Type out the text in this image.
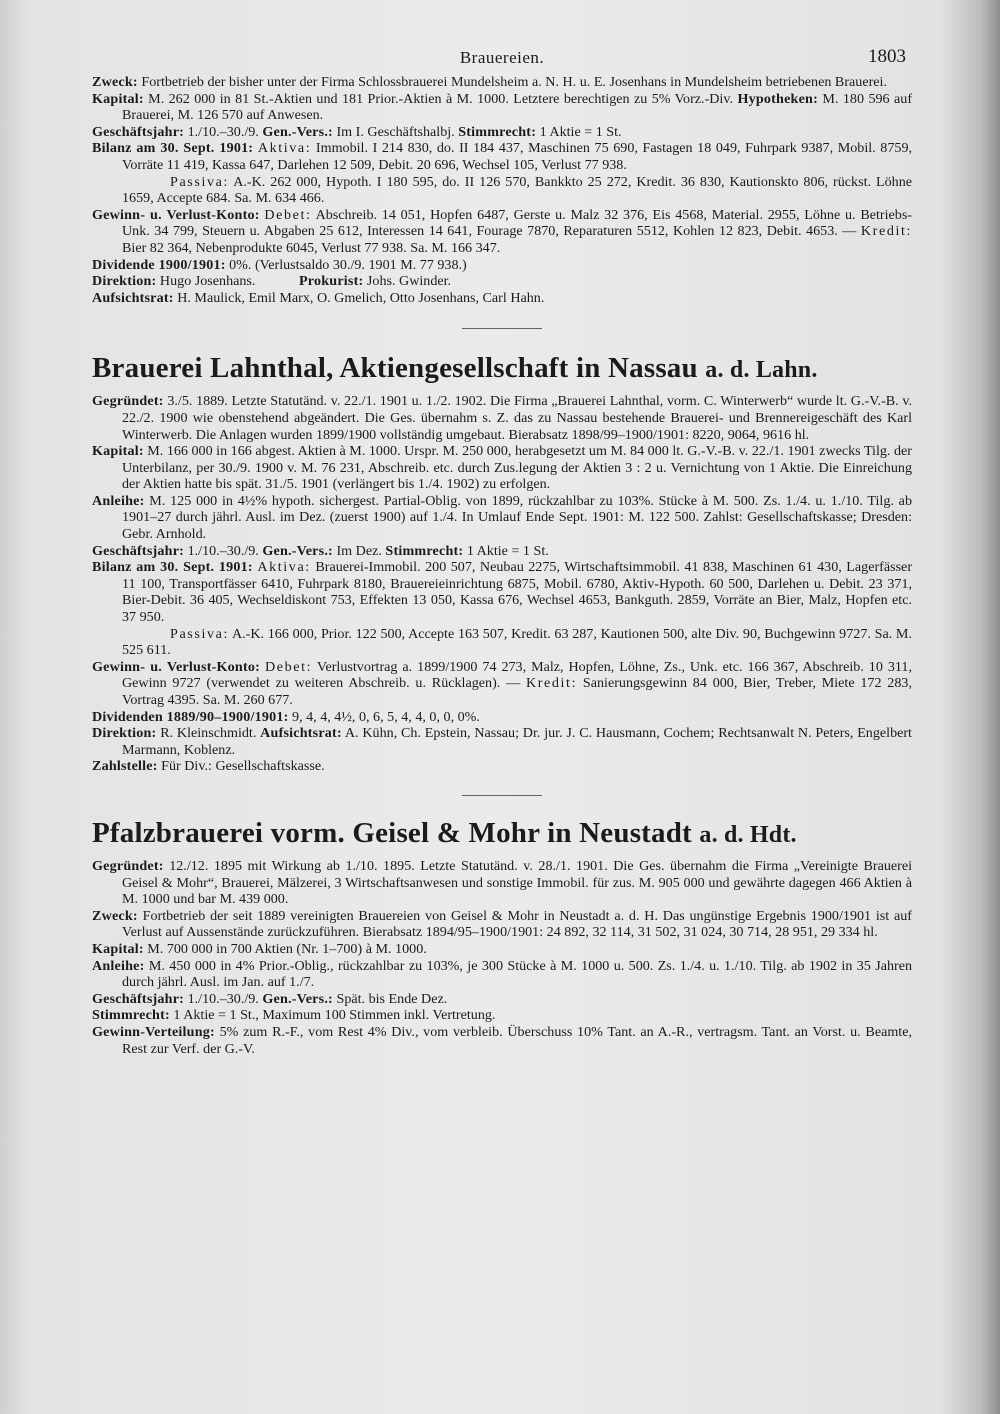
Brauereien.	1803

Zweck: Fortbetrieb der bisher unter der Firma Schlossbrauerei Mundelsheim a. N. H. u. E. Josenhans in Mundelsheim betriebenen Brauerei.

Kapital: M. 262 000 in 81 St.-Aktien und 181 Prior.-Aktien à M. 1000. Letztere berechtigen zu 5% Vorz.-Div. Hypotheken: M. 180 596 auf Brauerei, M. 126 570 auf Anwesen.

Geschäftsjahr: 1./10.–30./9. Gen.-Vers.: Im I. Geschäftshalbj. Stimmrecht: 1 Aktie = 1 St.

Bilanz am 30. Sept. 1901: Aktiva: Immobil. I 214 830, do. II 184 437, Maschinen 75 690, Fastagen 18 049, Fuhrpark 9387, Mobil. 8759, Vorräte 11 419, Kassa 647, Darlehen 12 509, Debit. 20 696, Wechsel 105, Verlust 77 938.
Passiva: A.-K. 262 000, Hypoth. I 180 595, do. II 126 570, Bankkto 25 272, Kredit. 36 830, Kautionskto 806, rückst. Löhne 1659, Accepte 684. Sa. M. 634 466.

Gewinn- u. Verlust-Konto: Debet: Abschreib. 14 051, Hopfen 6487, Gerste u. Malz 32 376, Eis 4568, Material. 2955, Löhne u. Betriebs-Unk. 34 799, Steuern u. Abgaben 25 612, Interessen 14 641, Fourage 7870, Reparaturen 5512, Kohlen 12 823, Debit. 4653. — Kredit: Bier 82 364, Nebenprodukte 6045, Verlust 77 938. Sa. M. 166 347.

Dividende 1900/1901: 0%. (Verlustsaldo 30./9. 1901 M. 77 938.)

Direktion: Hugo Josenhans.	Prokurist: Johs. Gwinder.

Aufsichtsrat: H. Maulick, Emil Marx, O. Gmelich, Otto Josenhans, Carl Hahn.

Brauerei Lahnthal, Aktiengesellschaft in Nassau a. d. Lahn.

Gegründet: 3./5. 1889. Letzte Statutänd. v. 22./1. 1901 u. 1./2. 1902. Die Firma „Brauerei Lahnthal, vorm. C. Winterwerb“ wurde lt. G.-V.-B. v. 22./2. 1900 wie obenstehend abgeändert. Die Ges. übernahm s. Z. das zu Nassau bestehende Brauerei- und Brennereigeschäft des Karl Winterwerb. Die Anlagen wurden 1899/1900 vollständig umgebaut. Bierabsatz 1898/99–1900/1901: 8220, 9064, 9616 hl.

Kapital: M. 166 000 in 166 abgest. Aktien à M. 1000. Urspr. M. 250 000, herabgesetzt um M. 84 000 lt. G.-V.-B. v. 22./1. 1901 zwecks Tilg. der Unterbilanz, per 30./9. 1900 v. M. 76 231, Abschreib. etc. durch Zus.legung der Aktien 3 : 2 u. Vernichtung von 1 Aktie. Die Einreichung der Aktien hatte bis spät. 31./5. 1901 (verlängert bis 1./4. 1902) zu erfolgen.

Anleihe: M. 125 000 in 4½% hypoth. sichergest. Partial-Oblig. von 1899, rückzahlbar zu 103%. Stücke à M. 500. Zs. 1./4. u. 1./10. Tilg. ab 1901–27 durch jährl. Ausl. im Dez. (zuerst 1900) auf 1./4. In Umlauf Ende Sept. 1901: M. 122 500. Zahlst: Gesellschaftskasse; Dresden: Gebr. Arnhold.

Geschäftsjahr: 1./10.–30./9. Gen.-Vers.: Im Dez. Stimmrecht: 1 Aktie = 1 St.

Bilanz am 30. Sept. 1901: Aktiva: Brauerei-Immobil. 200 507, Neubau 2275, Wirtschaftsimmobil. 41 838, Maschinen 61 430, Lagerfässer 11 100, Transportfässer 6410, Fuhrpark 8180, Brauereieinrichtung 6875, Mobil. 6780, Aktiv-Hypoth. 60 500, Darlehen u. Debit. 23 371, Bier-Debit. 36 405, Wechseldiskont 753, Effekten 13 050, Kassa 676, Wechsel 4653, Bankguth. 2859, Vorräte an Bier, Malz, Hopfen etc. 37 950.
Passiva: A.-K. 166 000, Prior. 122 500, Accepte 163 507, Kredit. 63 287, Kautionen 500, alte Div. 90, Buchgewinn 9727. Sa. M. 525 611.

Gewinn- u. Verlust-Konto: Debet: Verlustvortrag a. 1899/1900 74 273, Malz, Hopfen, Löhne, Zs., Unk. etc. 166 367, Abschreib. 10 311, Gewinn 9727 (verwendet zu weiteren Abschreib. u. Rücklagen). — Kredit: Sanierungsgewinn 84 000, Bier, Treber, Miete 172 283, Vortrag 4395. Sa. M. 260 677.

Dividenden 1889/90–1900/1901: 9, 4, 4, 4½, 0, 6, 5, 4, 4, 0, 0, 0%.

Direktion: R. Kleinschmidt. Aufsichtsrat: A. Kühn, Ch. Epstein, Nassau; Dr. jur. J. C. Hausmann, Cochem; Rechtsanwalt N. Peters, Engelbert Marmann, Koblenz.

Zahlstelle: Für Div.: Gesellschaftskasse.

Pfalzbrauerei vorm. Geisel & Mohr in Neustadt a. d. Hdt.

Gegründet: 12./12. 1895 mit Wirkung ab 1./10. 1895. Letzte Statutänd. v. 28./1. 1901. Die Ges. übernahm die Firma „Vereinigte Brauerei Geisel & Mohr“, Brauerei, Mälzerei, 3 Wirtschaftsanwesen und sonstige Immobil. für zus. M. 905 000 und gewährte dagegen 466 Aktien à M. 1000 und bar M. 439 000.

Zweck: Fortbetrieb der seit 1889 vereinigten Brauereien von Geisel & Mohr in Neustadt a. d. H. Das ungünstige Ergebnis 1900/1901 ist auf Verlust auf Aussenstände zurückzuführen. Bierabsatz 1894/95–1900/1901: 24 892, 32 114, 31 502, 31 024, 30 714, 28 951, 29 334 hl.

Kapital: M. 700 000 in 700 Aktien (Nr. 1–700) à M. 1000.

Anleihe: M. 450 000 in 4% Prior.-Oblig., rückzahlbar zu 103%, je 300 Stücke à M. 1000 u. 500. Zs. 1./4. u. 1./10. Tilg. ab 1902 in 35 Jahren durch jährl. Ausl. im Jan. auf 1./7.

Geschäftsjahr: 1./10.–30./9. Gen.-Vers.: Spät. bis Ende Dez.

Stimmrecht: 1 Aktie = 1 St., Maximum 100 Stimmen inkl. Vertretung.

Gewinn-Verteilung: 5% zum R.-F., vom Rest 4% Div., vom verbleib. Überschuss 10% Tant. an A.-R., vertragsm. Tant. an Vorst. u. Beamte, Rest zur Verf. der G.-V.
